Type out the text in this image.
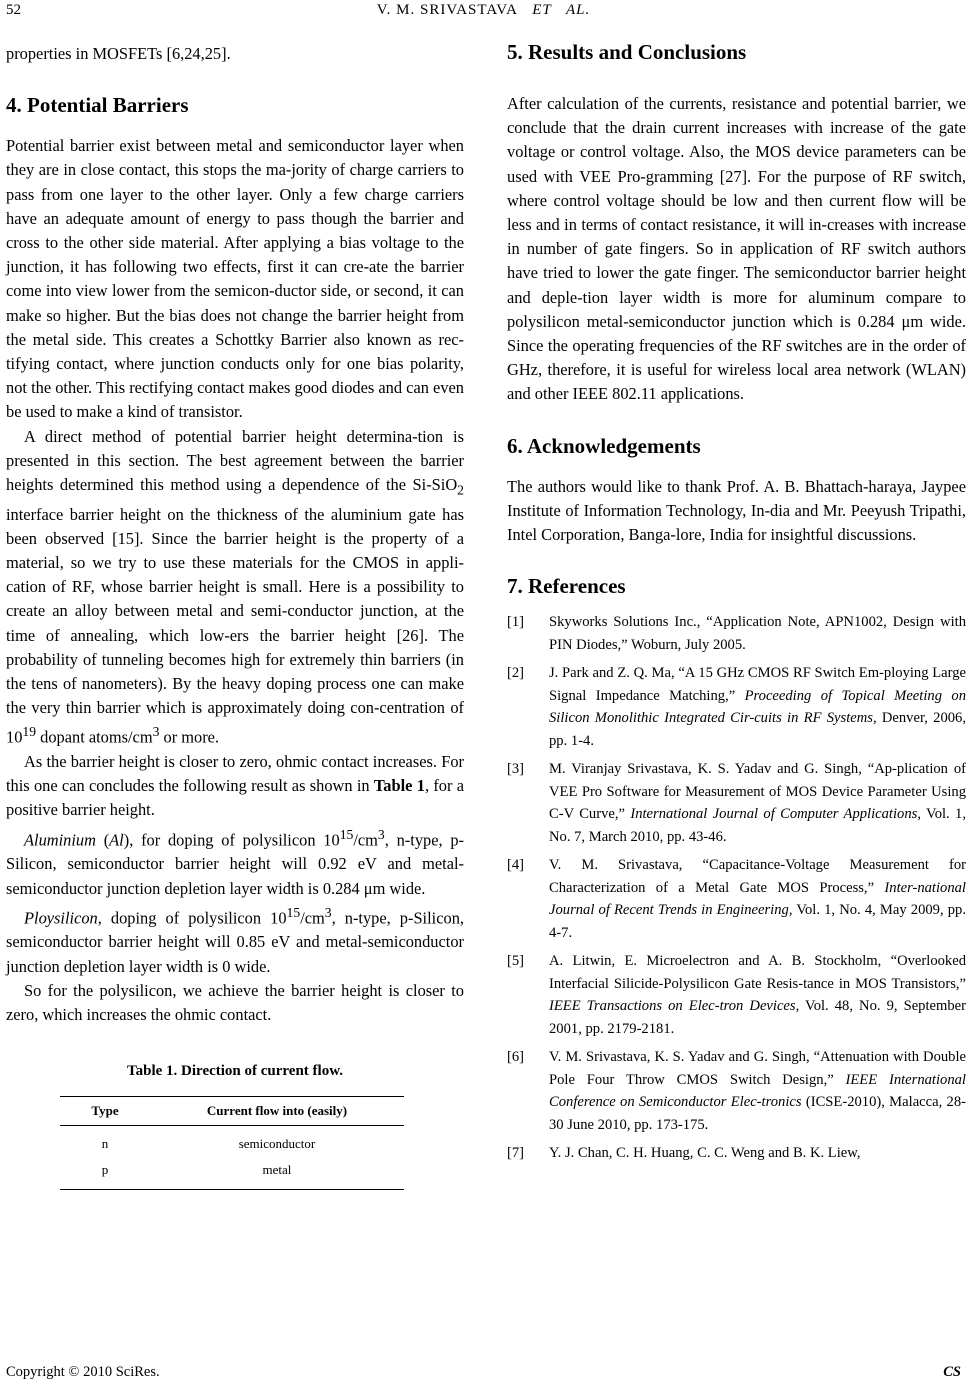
52	V. M. SRIVASTAVA ET AL.

properties in MOSFETs [6,24,25].

4. Potential Barriers

Potential barrier exist between metal and semiconductor layer when they are in close contact, this stops the ma-jority of charge carriers to pass from one layer to the other layer. Only a few charge carriers have an adequate amount of energy to pass though the barrier and cross to the other side material. After applying a bias voltage to the junction, it has following two effects, first it can cre-ate the barrier come into view lower from the semicon-ductor side, or second, it can make so higher. But the bias does not change the barrier height from the metal side. This creates a Schottky Barrier also known as rec-tifying contact, where junction conducts only for one bias polarity, not the other. This rectifying contact makes good diodes and can even be used to make a kind of transistor.

A direct method of potential barrier height determina-tion is presented in this section. The best agreement between the barrier heights determined this method using a dependence of the Si-SiO$_2$ interface barrier height on the thickness of the aluminium gate has been observed [15]. Since the barrier height is the property of a material, so we try to use these materials for the CMOS in appli-cation of RF, whose barrier height is small. Here is a possibility to create an alloy between metal and semi-conductor junction, at the time of annealing, which low-ers the barrier height [26]. The probability of tunneling becomes high for extremely thin barriers (in the tens of nanometers). By the heavy doping process one can make the very thin barrier which is approximately doing con-centration of $10^{19}$ dopant atoms/$cm^3$ or more.

As the barrier height is closer to zero, ohmic contact increases. For this one can concludes the following result as shown in Table 1, for a positive barrier height.

Aluminium (Al), for doping of polysilicon $10^{15}/cm^3$, n-type, p-Silicon, semiconductor barrier height will 0.92 eV and metal-semiconductor junction depletion layer width is 0.284 μm wide.

Ploysilicon, doping of polysilicon $10^{15}/cm^3$, n-type, p-Silicon, semiconductor barrier height will 0.85 eV and metal-semiconductor junction depletion layer width is 0 wide.

So for the polysilicon, we achieve the barrier height is closer to zero, which increases the ohmic contact.

Table 1. Direction of current flow.
Type	Current flow into (easily)
n	semiconductor
p	metal
5. Results and Conclusions

After calculation of the currents, resistance and potential barrier, we conclude that the drain current increases with increase of the gate voltage or control voltage. Also, the MOS device parameters can be used with VEE Pro-gramming [27]. For the purpose of RF switch, where control voltage should be low and then current flow will be less and in terms of contact resistance, it will in-creases with increase in number of gate fingers. So in application of RF switch authors have tried to lower the gate finger. The semiconductor barrier height and deple-tion layer width is more for aluminum compare to polysilicon metal-semiconductor junction which is 0.284 μm wide. Since the operating frequencies of the RF switches are in the order of GHz, therefore, it is useful for wireless local area network (WLAN) and other IEEE 802.11 applications.

6. Acknowledgements

The authors would like to thank Prof. A. B. Bhattach-haraya, Jaypee Institute of Information Technology, In-dia and Mr. Peeyush Tripathi, Intel Corporation, Banga-lore, India for insightful discussions.

7. References
[1] Skyworks Solutions Inc., “Application Note, APN1002, Design with PIN Diodes,” Woburn, July 2005.
[2] J. Park and Z. Q. Ma, “A 15 GHz CMOS RF Switch Em-ploying Large Signal Impedance Matching,” Proceeding of Topical Meeting on Silicon Monolithic Integrated Cir-cuits in RF Systems, Denver, 2006, pp. 1-4.
[3] M. Viranjay Srivastava, K. S. Yadav and G. Singh, “Ap-plication of VEE Pro Software for Measurement of MOS Device Parameter Using C-V Curve,” International Journal of Computer Applications, Vol. 1, No. 7, March 2010, pp. 43-46.
[4] V. M. Srivastava, “Capacitance-Voltage Measurement for Characterization of a Metal Gate MOS Process,” Inter-national Journal of Recent Trends in Engineering, Vol. 1, No. 4, May 2009, pp. 4-7.
[5] A. Litwin, E. Microelectron and A. B. Stockholm, “Overlooked Interfacial Silicide-Polysilicon Gate Resis-tance in MOS Transistors,” IEEE Transactions on Elec-tron Devices, Vol. 48, No. 9, September 2001, pp. 2179-2181.
[6] V. M. Srivastava, K. S. Yadav and G. Singh, “Attenuation with Double Pole Four Throw CMOS Switch Design,” IEEE International Conference on Semiconductor Elec-tronics (ICSE-2010), Malacca, 28-30 June 2010, pp. 173-175.
[7] Y. J. Chan, C. H. Huang, C. C. Weng and B. K. Liew,
Copyright © 2010 SciRes.	CS
